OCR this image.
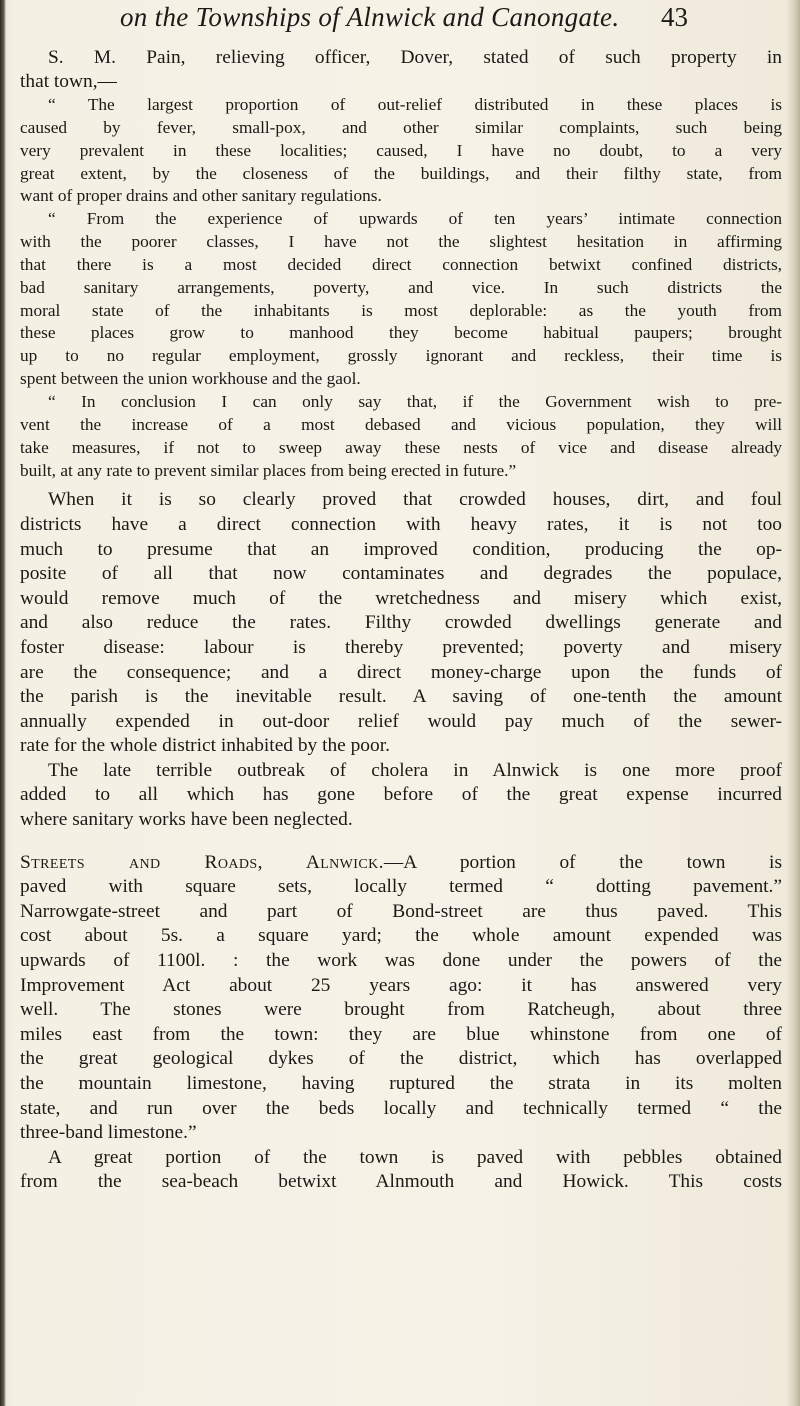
on the Townships of Alnwick and Canongate. 43
S. M. Pain, relieving officer, Dover, stated of such property in
that town,—
“ The largest proportion of out-relief distributed in these places is
caused by fever, small-pox, and other similar complaints, such being
very prevalent in these localities; caused, I have no doubt, to a very
great extent, by the closeness of the buildings, and their filthy state, from
want of proper drains and other sanitary regulations.
“ From the experience of upwards of ten years’ intimate connection
with the poorer classes, I have not the slightest hesitation in affirming
that there is a most decided direct connection betwixt confined districts,
bad sanitary arrangements, poverty, and vice. In such districts the
moral state of the inhabitants is most deplorable: as the youth from
these places grow to manhood they become habitual paupers; brought
up to no regular employment, grossly ignorant and reckless, their time is
spent between the union workhouse and the gaol.
“ In conclusion I can only say that, if the Government wish to pre-
vent the increase of a most debased and vicious population, they will
take measures, if not to sweep away these nests of vice and disease already
built, at any rate to prevent similar places from being erected in future.”
When it is so clearly proved that crowded houses, dirt, and foul
districts have a direct connection with heavy rates, it is not too
much to presume that an improved condition, producing the op-
posite of all that now contaminates and degrades the populace,
would remove much of the wretchedness and misery which exist,
and also reduce the rates. Filthy crowded dwellings generate and
foster disease: labour is thereby prevented; poverty and misery
are the consequence; and a direct money-charge upon the funds of
the parish is the inevitable result. A saving of one-tenth the amount
annually expended in out-door relief would pay much of the sewer-
rate for the whole district inhabited by the poor.
The late terrible outbreak of cholera in Alnwick is one more proof
added to all which has gone before of the great expense incurred
where sanitary works have been neglected.
Streets and Roads, Alnwick.—A portion of the town is
paved with square sets, locally termed “ dotting pavement.”
Narrowgate-street and part of Bond-street are thus paved. This
cost about 5s. a square yard; the whole amount expended was
upwards of 1100l. : the work was done under the powers of the
Improvement Act about 25 years ago: it has answered very
well. The stones were brought from Ratcheugh, about three
miles east from the town: they are blue whinstone from one of
the great geological dykes of the district, which has overlapped
the mountain limestone, having ruptured the strata in its molten
state, and run over the beds locally and technically termed “ the
three-band limestone.”
A great portion of the town is paved with pebbles obtained
from the sea-beach betwixt Alnmouth and Howick. This costs
